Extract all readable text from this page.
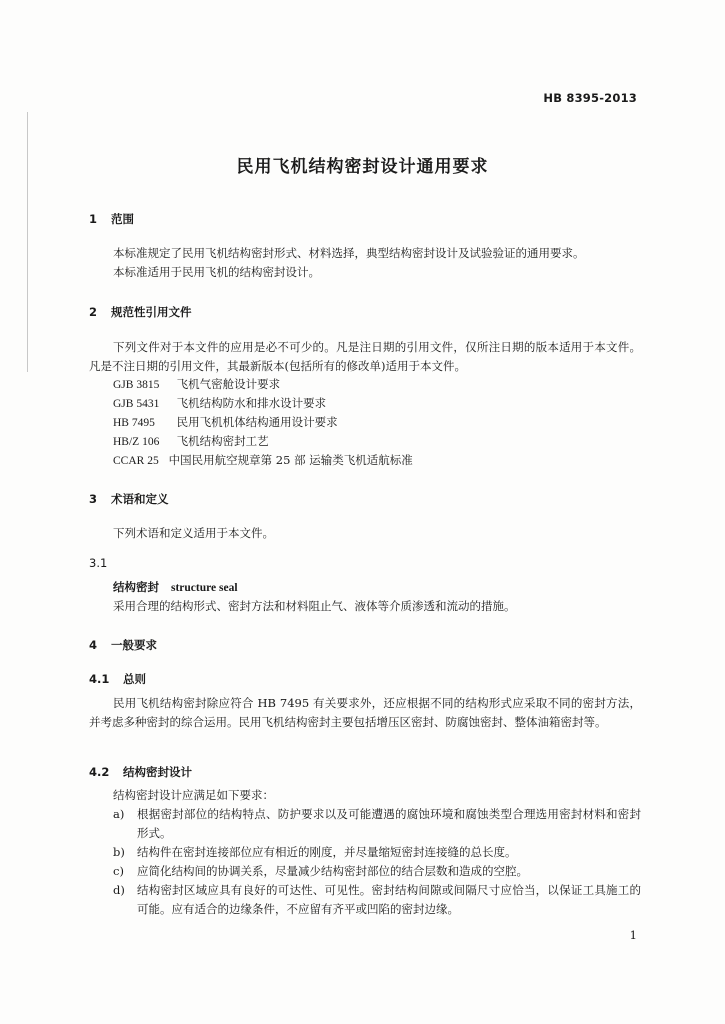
HB 8395-2013
民用飞机结构密封设计通用要求
1 范围
本标准规定了民用飞机结构密封形式、材料选择，典型结构密封设计及试验验证的通用要求。
本标准适用于民用飞机的结构密封设计。
2 规范性引用文件
下列文件对于本文件的应用是必不可少的。凡是注日期的引用文件，仅所注日期的版本适用于本文件。凡是不注日期的引用文件，其最新版本(包括所有的修改单)适用于本文件。
GJB 3815 飞机气密舱设计要求
GJB 5431 飞机结构防水和排水设计要求
HB 7495 民用飞机机体结构通用设计要求
HB/Z 106 飞机结构密封工艺
CCAR 25 中国民用航空规章第 25 部 运输类飞机适航标准
3 术语和定义
下列术语和定义适用于本文件。
3.1
结构密封 structure seal
采用合理的结构形式、密封方法和材料阻止气、液体等介质渗透和流动的措施。
4 一般要求
4.1 总则
民用飞机结构密封除应符合 HB 7495 有关要求外，还应根据不同的结构形式应采取不同的密封方法，并考虑多种密封的综合运用。民用飞机结构密封主要包括增压区密封、防腐蚀密封、整体油箱密封等。
4.2 结构密封设计
结构密封设计应满足如下要求：
a) 根据密封部位的结构特点、防护要求以及可能遭遇的腐蚀环境和腐蚀类型合理选用密封材料和密封形式。
b) 结构件在密封连接部位应有相近的刚度，并尽量缩短密封连接缝的总长度。
c) 应简化结构间的协调关系，尽量减少结构密封部位的结合层数和造成的空腔。
d) 结构密封区域应具有良好的可达性、可见性。密封结构间隙或间隔尺寸应恰当，以保证工具施工的可能。应有适合的边缘条件，不应留有齐平或凹陷的密封边缘。
1
